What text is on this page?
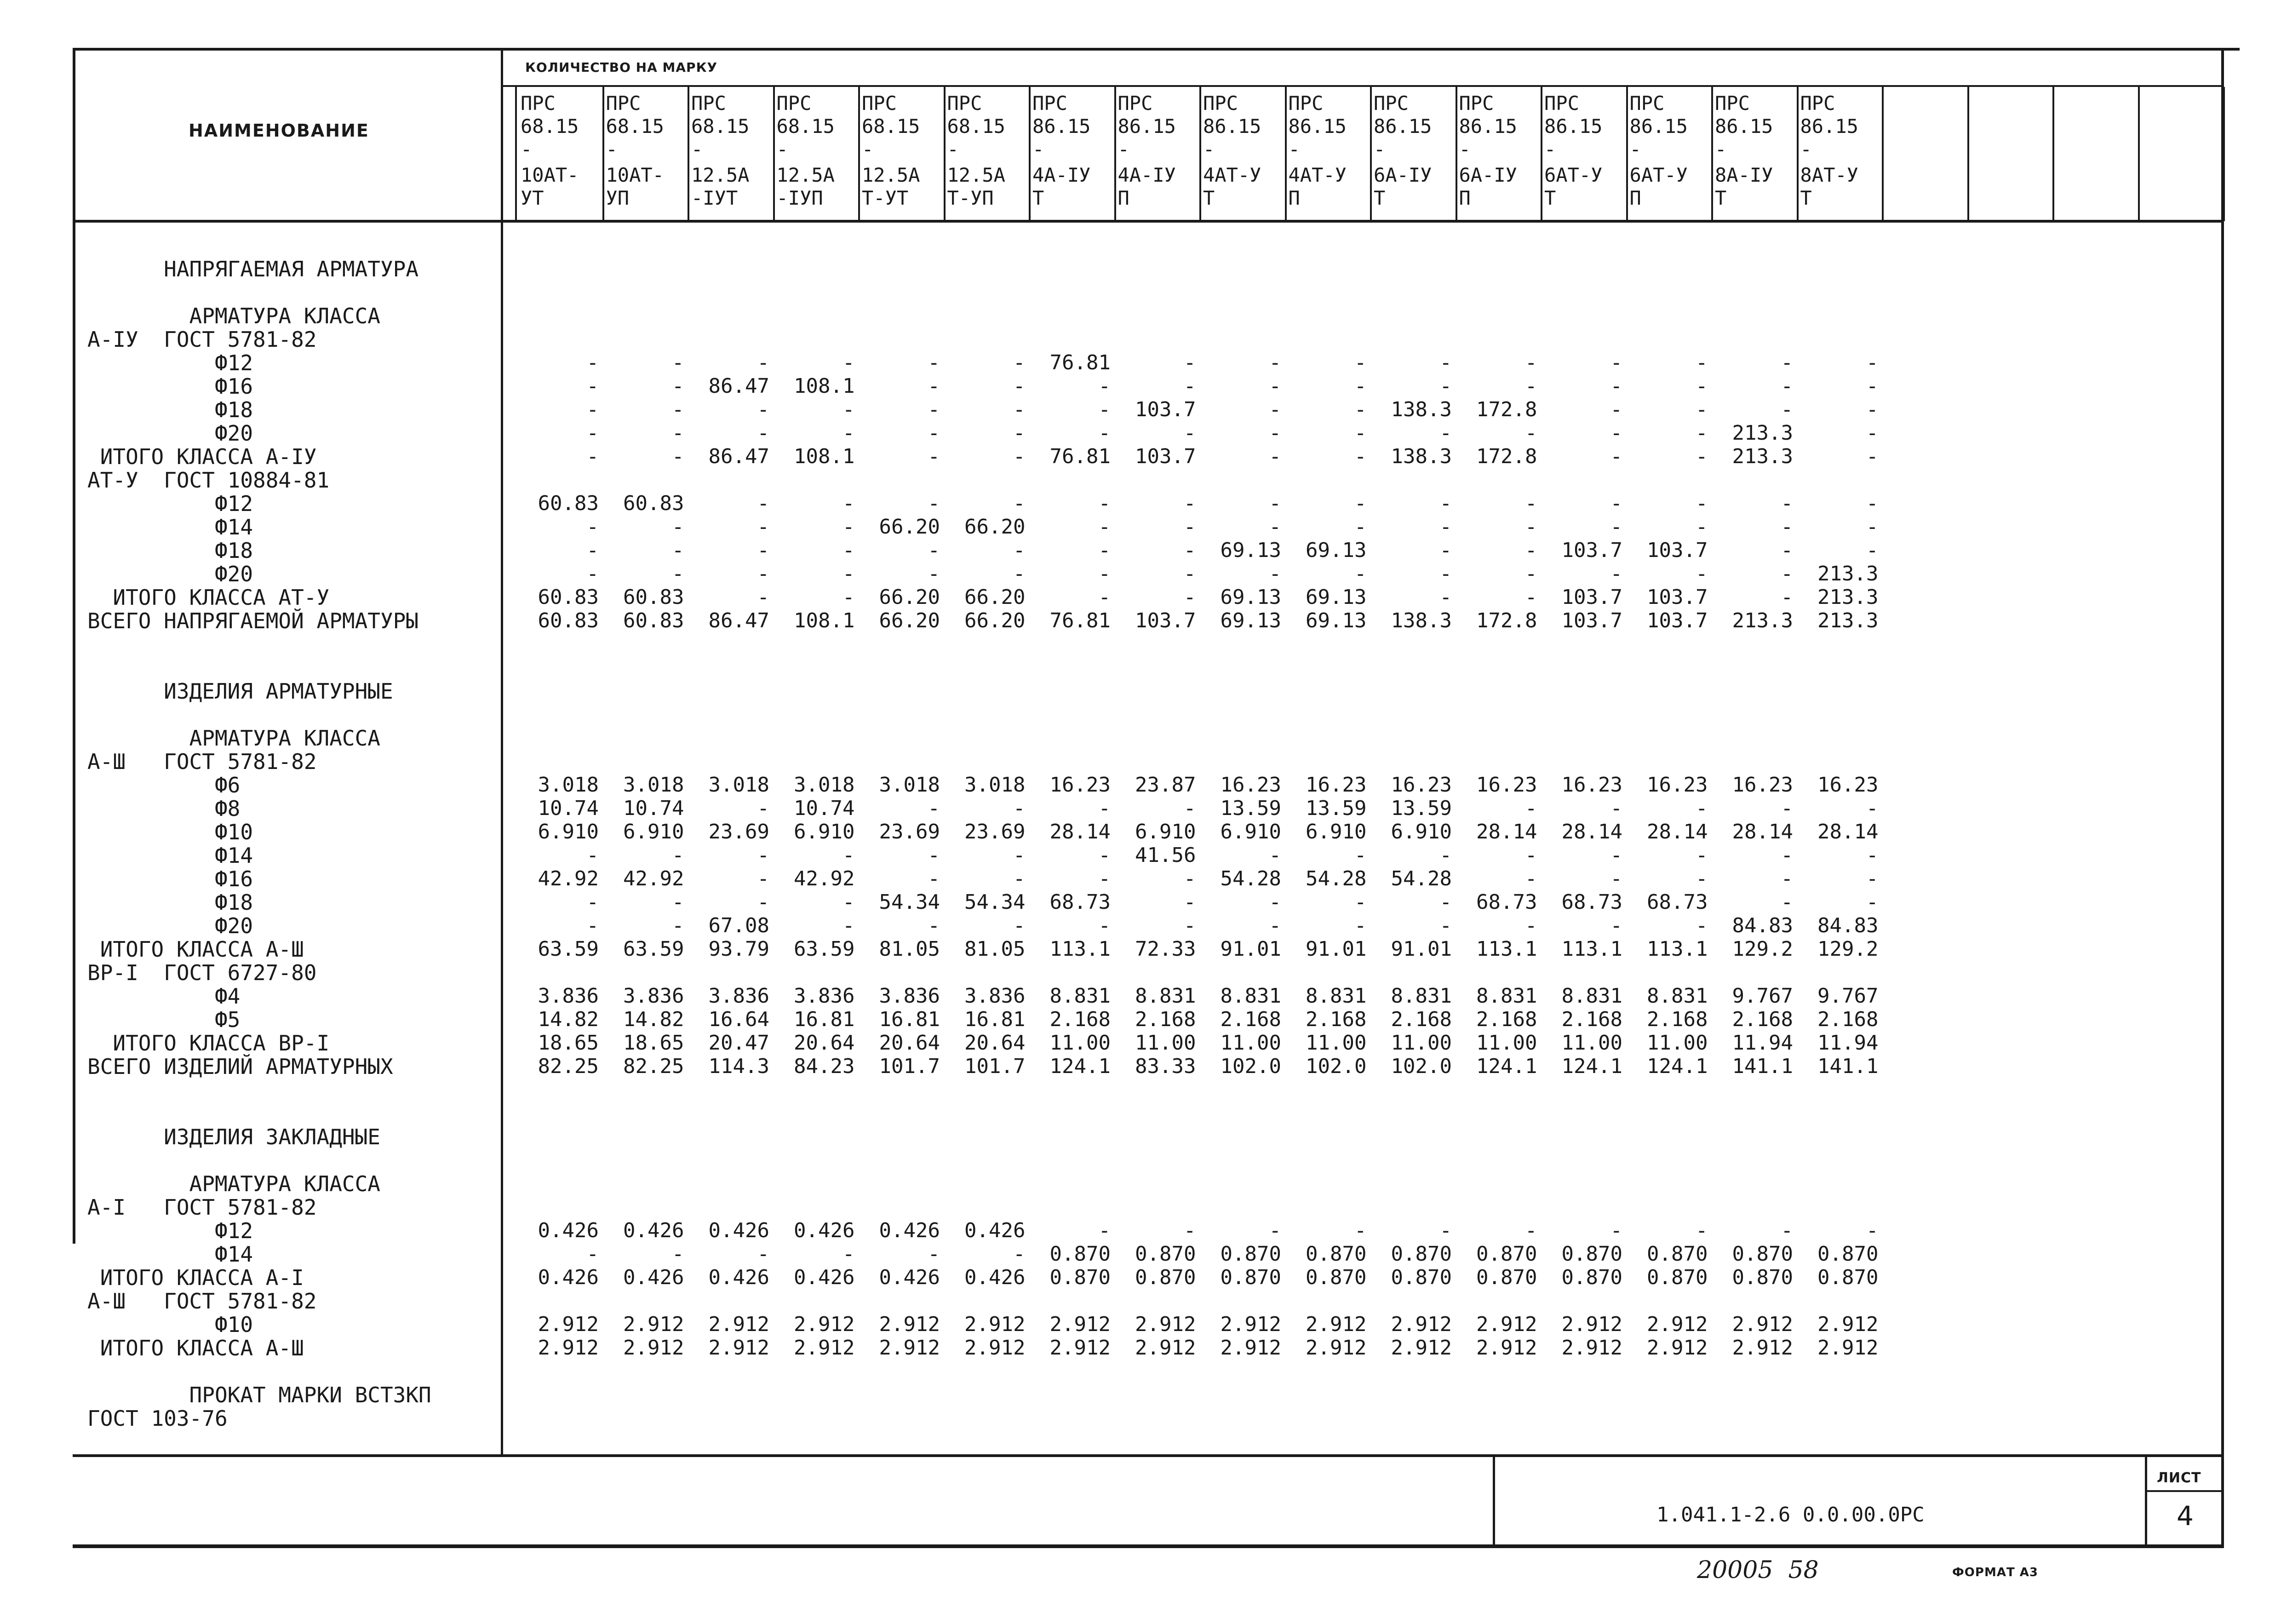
НАИМЕНОВАНИЕ
КОЛИЧЕСТВО НА МАРКУ
ПРС
68.15
-
10АТ-
УТ
ПРС
68.15
-
10АТ-
УП
ПРС
68.15
-
12.5А
-IУТ
ПРС
68.15
-
12.5А
-IУП
ПРС
68.15
-
12.5А
Т-УТ
ПРС
68.15
-
12.5А
Т-УП
ПРС
86.15
-
4А-IУ
Т
ПРС
86.15
-
4А-IУ
П
ПРС
86.15
-
4АТ-У
Т
ПРС
86.15
-
4АТ-У
П
ПРС
86.15
-
6А-IУ
Т
ПРС
86.15
-
6А-IУ
П
ПРС
86.15
-
6АТ-У
Т
ПРС
86.15
-
6АТ-У
П
ПРС
86.15
-
8А-IУ
Т
ПРС
86.15
-
8АТ-У
Т
НАПРЯГАЕМАЯ АРМАТУРА
АРМАТУРА КЛАССА
А-IУ  ГОСТ 5781-82
Ф12	-	-	-	-	-	-	76.81	-	-	-	-	-	-	-	-	-
Ф16	-	-	86.47	108.1	-	-	-	-	-	-	-	-	-	-	-	-
Ф18	-	-	-	-	-	-	-	103.7	-	-	138.3	172.8	-	-	-	-
Ф20	-	-	-	-	-	-	-	-	-	-	-	-	-	-	213.3	-
ИТОГО КЛАССА А-IУ	-	-	86.47	108.1	-	-	76.81	103.7	-	-	138.3	172.8	-	-	213.3	-
АТ-У  ГОСТ 10884-81
Ф12	60.83	60.83	-	-	-	-	-	-	-	-	-	-	-	-	-	-
Ф14	-	-	-	-	66.20	66.20	-	-	-	-	-	-	-	-	-	-
Ф18	-	-	-	-	-	-	-	-	69.13	69.13	-	-	103.7	103.7	-	-
Ф20	-	-	-	-	-	-	-	-	-	-	-	-	-	-	-	213.3
ИТОГО КЛАССА АТ-У	60.83	60.83	-	-	66.20	66.20	-	-	69.13	69.13	-	-	103.7	103.7	-	213.3
ВСЕГО НАПРЯГАЕМОЙ АРМАТУРЫ	60.83	60.83	86.47	108.1	66.20	66.20	76.81	103.7	69.13	69.13	138.3	172.8	103.7	103.7	213.3	213.3
ИЗДЕЛИЯ АРМАТУРНЫЕ
АРМАТУРА КЛАССА
А-Ш   ГОСТ 5781-82
Ф6	3.018	3.018	3.018	3.018	3.018	3.018	16.23	23.87	16.23	16.23	16.23	16.23	16.23	16.23	16.23	16.23
Ф8	10.74	10.74	-	10.74	-	-	-	-	13.59	13.59	13.59	-	-	-	-	-
Ф10	6.910	6.910	23.69	6.910	23.69	23.69	28.14	6.910	6.910	6.910	6.910	28.14	28.14	28.14	28.14	28.14
Ф14	-	-	-	-	-	-	-	41.56	-	-	-	-	-	-	-	-
Ф16	42.92	42.92	-	42.92	-	-	-	-	54.28	54.28	54.28	-	-	-	-	-
Ф18	-	-	-	-	54.34	54.34	68.73	-	-	-	-	68.73	68.73	68.73	-	-
Ф20	-	-	67.08	-	-	-	-	-	-	-	-	-	-	-	84.83	84.83
ИТОГО КЛАССА А-Ш	63.59	63.59	93.79	63.59	81.05	81.05	113.1	72.33	91.01	91.01	91.01	113.1	113.1	113.1	129.2	129.2
ВР-I  ГОСТ 6727-80
Ф4	3.836	3.836	3.836	3.836	3.836	3.836	8.831	8.831	8.831	8.831	8.831	8.831	8.831	8.831	9.767	9.767
Ф5	14.82	14.82	16.64	16.81	16.81	16.81	2.168	2.168	2.168	2.168	2.168	2.168	2.168	2.168	2.168	2.168
ИТОГО КЛАССА ВР-I	18.65	18.65	20.47	20.64	20.64	20.64	11.00	11.00	11.00	11.00	11.00	11.00	11.00	11.00	11.94	11.94
ВСЕГО ИЗДЕЛИЙ АРМАТУРНЫХ	82.25	82.25	114.3	84.23	101.7	101.7	124.1	83.33	102.0	102.0	102.0	124.1	124.1	124.1	141.1	141.1
ИЗДЕЛИЯ ЗАКЛАДНЫЕ
АРМАТУРА КЛАССА
А-I   ГОСТ 5781-82
Ф12	0.426	0.426	0.426	0.426	0.426	0.426	-	-	-	-	-	-	-	-	-	-
Ф14	-	-	-	-	-	-	0.870	0.870	0.870	0.870	0.870	0.870	0.870	0.870	0.870	0.870
ИТОГО КЛАССА А-I	0.426	0.426	0.426	0.426	0.426	0.426	0.870	0.870	0.870	0.870	0.870	0.870	0.870	0.870	0.870	0.870
А-Ш   ГОСТ 5781-82
Ф10	2.912	2.912	2.912	2.912	2.912	2.912	2.912	2.912	2.912	2.912	2.912	2.912	2.912	2.912	2.912	2.912
ИТОГО КЛАССА А-Ш	2.912	2.912	2.912	2.912	2.912	2.912	2.912	2.912	2.912	2.912	2.912	2.912	2.912	2.912	2.912	2.912
ПРОКАТ МАРКИ ВСТ3КП
ГОСТ 103-76
1.041.1-2.6 0.0.00.0РС
ЛИСТ
4
20005  58	ФОРМАТ А3
